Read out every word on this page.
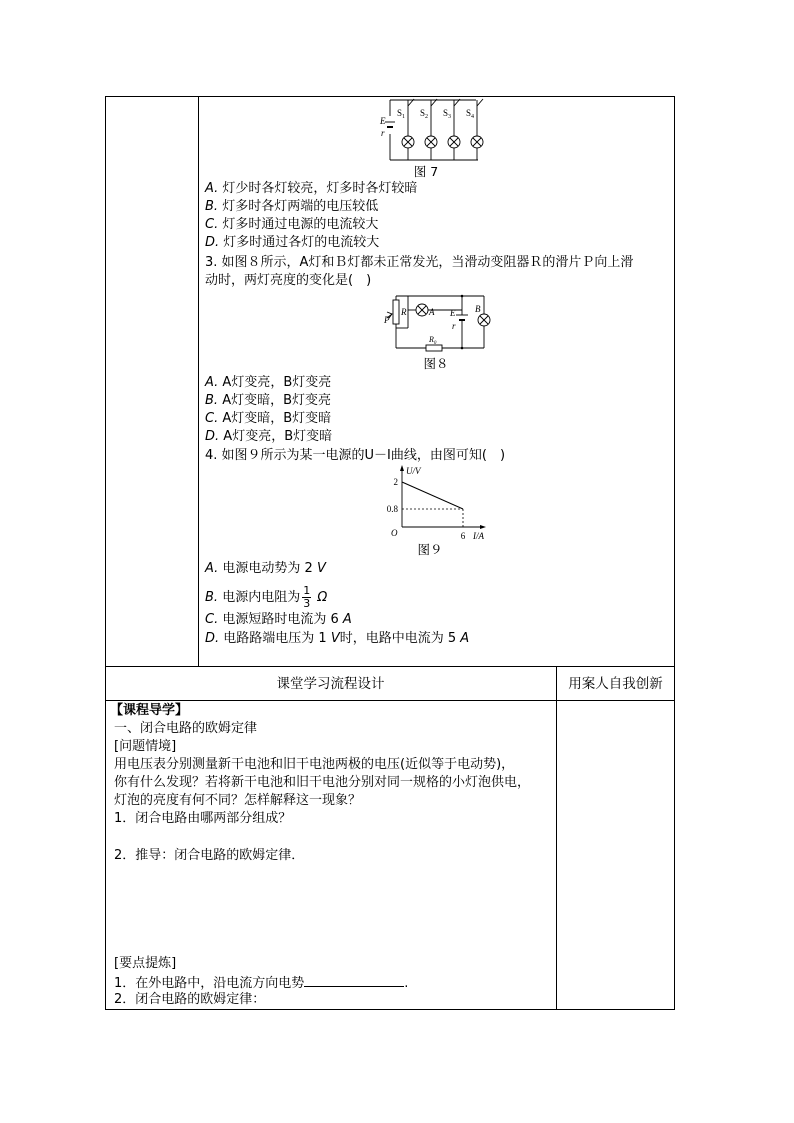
E
r
$S_1$ $S_2$ $S_3$ $S_4$
图 7
A. 灯少时各灯较亮，灯多时各灯较暗
B. 灯多时各灯两端的电压较低
C. 灯多时通过电源的电流较大
D. 灯多时通过各灯的电流较大
3. 如图８所示，A灯和Ｂ灯都未正常发光，当滑动变阻器Ｒ的滑片Ｐ向上滑
动时，两灯亮度的变化是(　)
P
R	A E
r
B
$R_0$
图８
A. A灯变亮，B灯变亮
B. A灯变暗，B灯变亮
C. A灯变暗，B灯变暗
D. A灯变亮，B灯变暗
4. 如图９所示为某一电源的U－I曲线，由图可知(　)
0.8
2
6
U/V
I/A
O
图９
A. 电源电动势为 2 V
B. 电源内电阻为 $\frac{1}{3}$ Ω
C. 电源短路时电流为 6 A
D. 电路路端电压为 1 V时，电路中电流为 5 A
课堂学习流程设计	用案人自我创新
【课程导学】
一、闭合电路的欧姆定律
[问题情境]
用电压表分别测量新干电池和旧干电池两极的电压(近似等于电动势)，
你有什么发现？若将新干电池和旧干电池分别对同一规格的小灯泡供电，
灯泡的亮度有何不同？怎样解释这一现象？
1．闭合电路由哪两部分组成？
2．推导：闭合电路的欧姆定律．
[要点提炼]
1．在外电路中，沿电流方向电势	.
2．闭合电路的欧姆定律：
